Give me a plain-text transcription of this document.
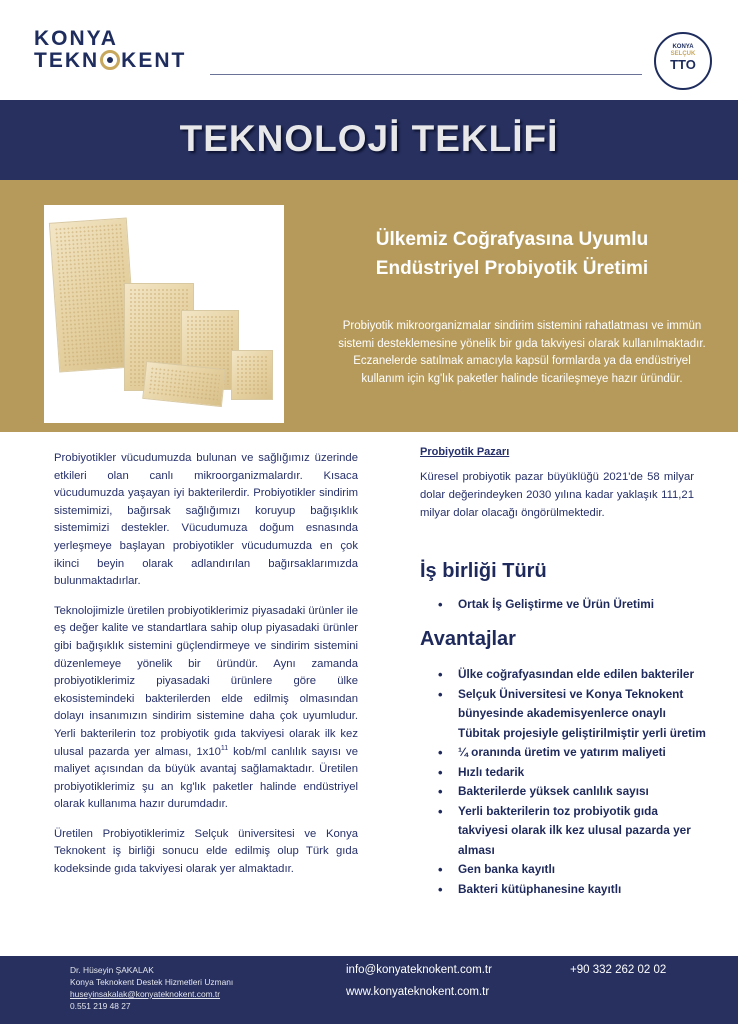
KONYA
TEKN KENT
KONYA
SELÇUK
TTO
TEKNOLOJİ TEKLİFİ
Ülkemiz Coğrafyasına Uyumlu
Endüstriyel Probiyotik Üretimi
Probiyotik mikroorganizmalar sindirim sistemini rahatlatması ve immün sistemi desteklemesine yönelik bir gıda takviyesi olarak kullanılmaktadır. Eczanelerde satılmak amacıyla kapsül formlarda ya da endüstriyel kullanım için kg'lık paketler halinde ticarileşmeye hazır üründür.

Probiyotikler vücudumuzda bulunan ve sağlığımız üzerinde etkileri olan canlı mikroorganizmalardır. Kısaca vücudumuzda yaşayan iyi bakterilerdir. Probiyotikler sindirim sistemimizi, bağırsak sağlığımızı koruyup bağışıklık sistemimizi destekler. Vücudumuza doğum esnasında yerleşmeye başlayan probiyotikler vücudumuzda en çok ikinci beyin olarak adlandırılan bağırsaklarımızda bulunmaktadırlar.

Teknolojimizle üretilen probiyotiklerimiz piyasadaki ürünler ile eş değer kalite ve standartlara sahip olup piyasadaki ürünler gibi bağışıklık sistemini güçlendirmeye ve sindirim sistemini düzenlemeye yönelik bir üründür. Aynı zamanda probiyotiklerimiz piyasadaki ürünlere göre ülke ekosistemindeki bakterilerden elde edilmiş olmasından dolayı insanımızın sindirim sistemine daha çok uyumludur. Yerli bakterilerin toz probiyotik gıda takviyesi olarak ilk kez ulusal pazarda yer alması, $1x10^{11}$ kob/ml canlılık sayısı ve maliyet açısından da büyük avantaj sağlamaktadır. Üretilen probiyotiklerimiz şu an kg'lık paketler halinde endüstriyel olarak kullanıma hazır durumdadır.

Üretilen Probiyotiklerimiz Selçuk üniversitesi ve Konya Teknokent iş birliği sonucu elde edilmiş olup Türk gıda kodeksinde gıda takviyesi olarak yer almaktadır.

Probiyotik Pazarı
Küresel probiyotik pazar büyüklüğü 2021'de 58 milyar dolar değerindeyken 2030 yılına kadar yaklaşık 111,21 milyar dolar olacağı öngörülmektedir.
İş birliği Türü
• Ortak İş Geliştirme ve Ürün Üretimi
Avantajlar
• Ülke coğrafyasından elde edilen bakteriler
• Selçuk Üniversitesi ve Konya Teknokent bünyesinde akademisyenlerce onaylı Tübitak projesiyle geliştirilmiştir yerli üretim
• ¼ oranında üretim ve yatırım maliyeti
• Hızlı tedarik
• Bakterilerde yüksek canlılık sayısı
• Yerli bakterilerin toz probiyotik gıda takviyesi olarak ilk kez ulusal pazarda yer alması
• Gen banka kayıtlı
• Bakteri kütüphanesine kayıtlı
Dr. Hüseyin ŞAKALAK
Konya Teknokent Destek Hizmetleri Uzmanı
huseyinsakalak@konyateknokent.com.tr
0.551 219 48 27
info@konyateknokent.com.tr
www.konyateknokent.com.tr
+90 332 262 02 02
